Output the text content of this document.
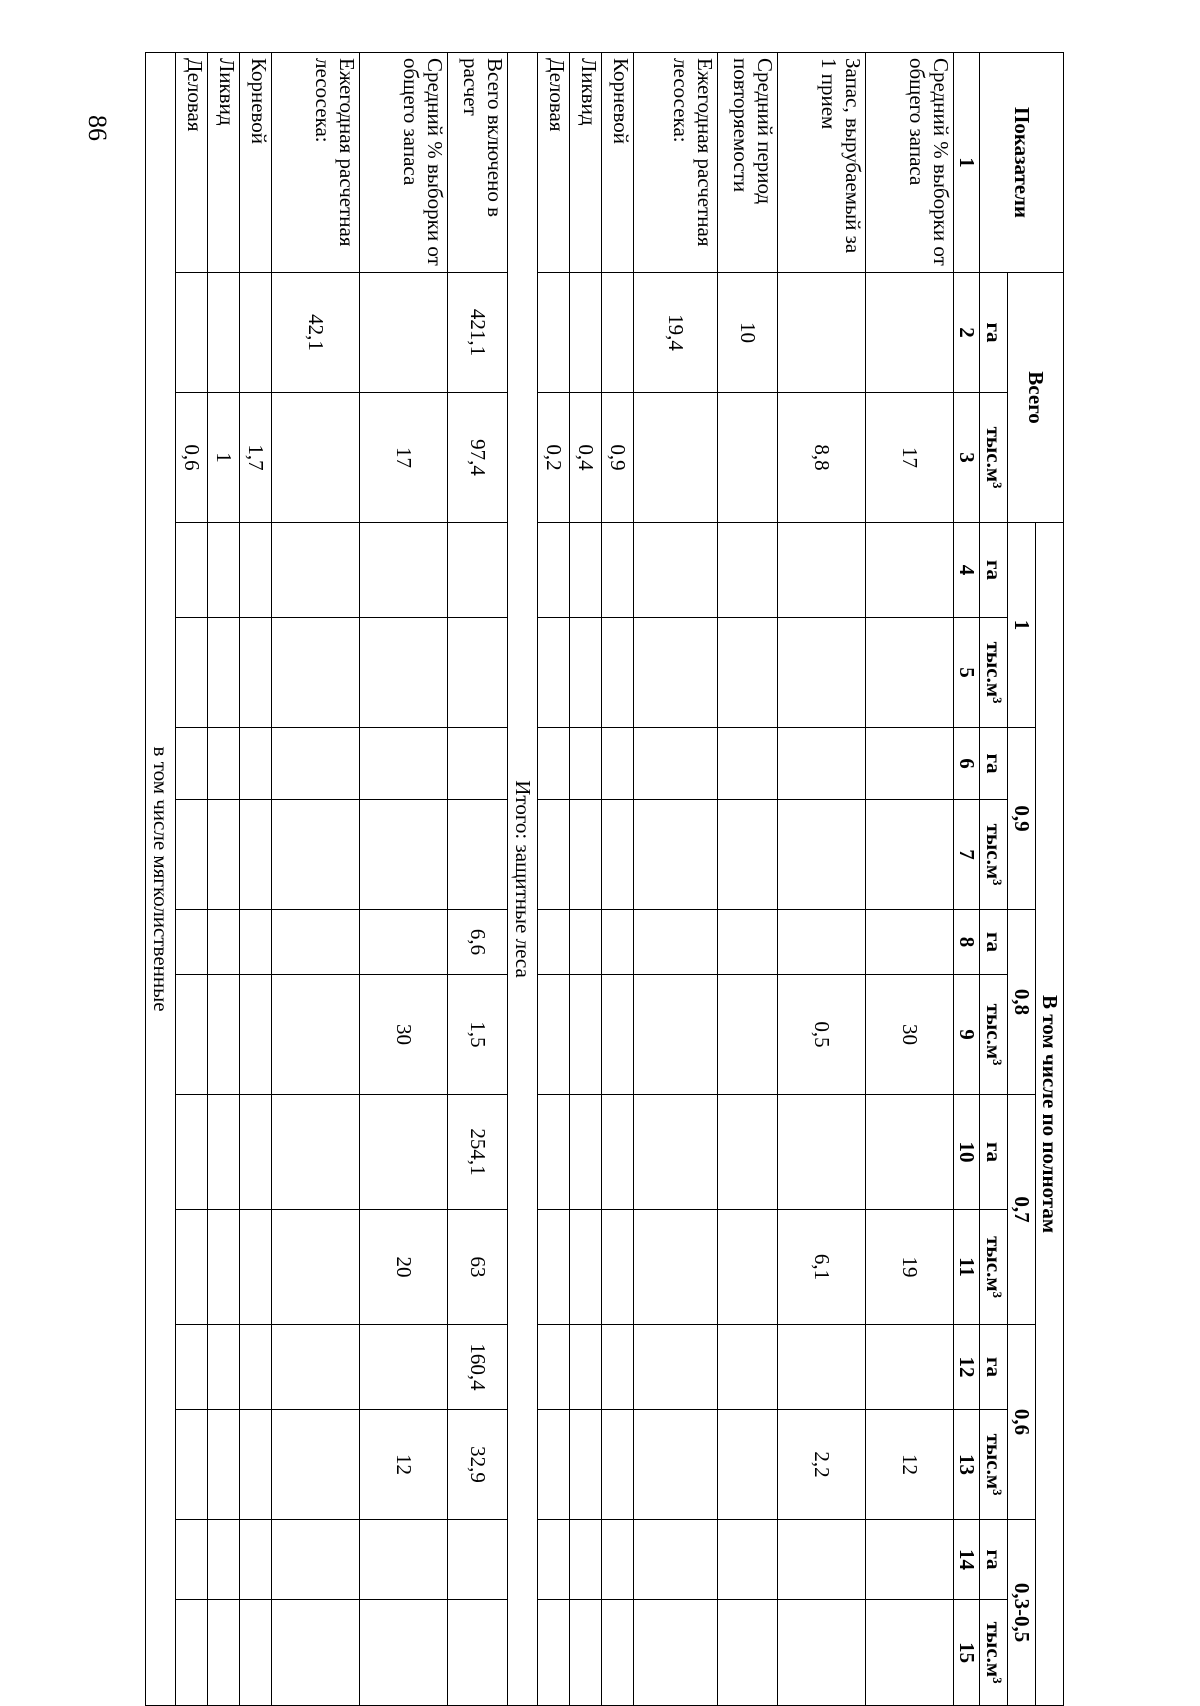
86	Показатели	Всего		В том числе по полнотам											
			1		0,9		0,8		0,7		0,6		0,3-0,5	
	га	тыс.м³	га	тыс.м³	га	тыс.м³	га	тыс.м³	га	тыс.м³	га	тыс.м³	га	тыс.м³
1	2	3	4	5	6	7	8	9	10	11	12	13	14	15
Средний % выборки от общего запаса		17						30		19		12		
Запас, вырубаемый за 1 прием		8,8						0,5		6,1		2,2		
Средний период повторяемости	10													
Ежегодная расчетная лесосека:	19,4													
Корневой		0,9												
Ликвид		0,4												
Деловая		0,2												
Итого: защитные леса														
Всего включено в расчет	421,1	97,4					6,6	1,5	254,1	63	160,4	32,9		
Средний % выборки от общего запаса		17						30		20		12		
Ежегодная расчетная лесосека:	42,1													
Корневой		1,7												
Ликвид		1												
Деловая		0,6												
в том числе мягколиственные														
